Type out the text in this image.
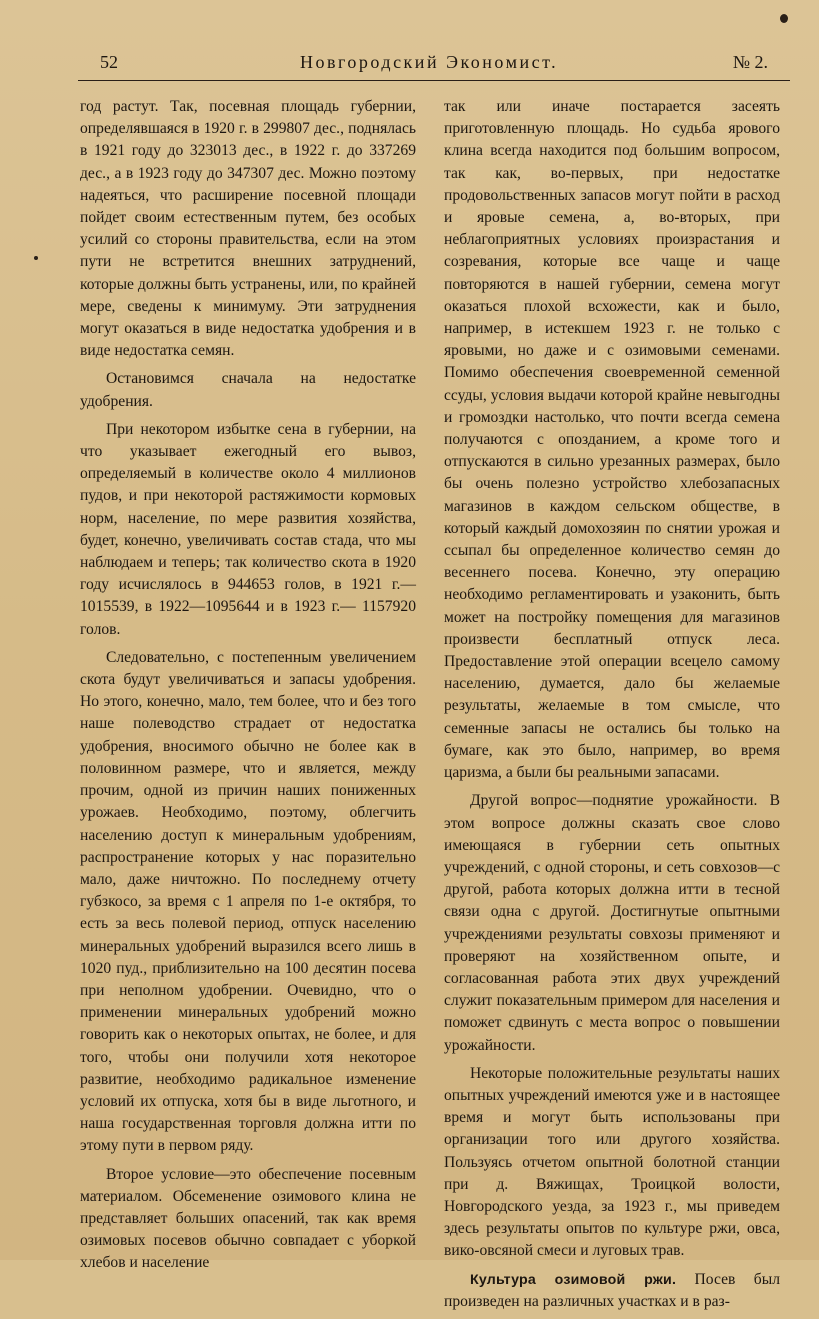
52	Новгородский Экономист.	№ 2.

год растут. Так, посевная площадь губернии, определявшаяся в 1920 г. в 299807 дес., поднялась в 1921 году до 323013 дес., в 1922 г. до 337269 дес., а в 1923 году до 347307 дес. Можно поэтому надеяться, что расширение посевной площади пойдет своим естественным путем, без особых усилий со стороны правительства, если на этом пути не встретится внешних затруднений, которые должны быть устранены, или, по крайней мере, сведены к минимуму. Эти затруднения могут оказаться в виде недостатка удобрения и в виде недостатка семян.

Остановимся сначала на недостатке удобрения.

При некотором избытке сена в губернии, на что указывает ежегодный его вывоз, определяемый в количестве около 4 миллионов пудов, и при некоторой растяжимости кормовых норм, население, по мере развития хозяйства, будет, конечно, увеличивать состав стада, что мы наблюдаем и теперь; так количество скота в 1920 году исчислялось в 944653 голов, в 1921 г.— 1015539, в 1922—1095644 и в 1923 г.— 1157920 голов.

Следовательно, с постепенным увеличением скота будут увеличиваться и запасы удобрения. Но этого, конечно, мало, тем более, что и без того наше полеводство страдает от недостатка удобрения, вносимого обычно не более как в половинном размере, что и является, между прочим, одной из причин наших пониженных урожаев. Необходимо, поэтому, облегчить населению доступ к минеральным удобрениям, распространение которых у нас поразительно мало, даже ничтожно. По последнему отчету губзкосо, за время с 1 апреля по 1-е октября, то есть за весь полевой период, отпуск населению минеральных удобрений выразился всего лишь в 1020 пуд., приблизительно на 100 десятин посева при неполном удобрении. Очевидно, что о применении минеральных удобрений можно говорить как о некоторых опытах, не более, и для того, чтобы они получили хотя некоторое развитие, необходимо радикальное изменение условий их отпуска, хотя бы в виде льготного, и наша государственная торговля должна итти по этому пути в первом ряду.

Второе условие—это обеспечение посевным материалом. Обсеменение озимового клина не представляет больших опасений, так как время озимовых посевов обычно совпадает с уборкой хлебов и население

так или иначе постарается засеять приготовленную площадь. Но судьба ярового клина всегда находится под большим вопросом, так как, во-первых, при недостатке продовольственных запасов могут пойти в расход и яровые семена, а, во-вторых, при неблагоприятных условиях произрастания и созревания, которые все чаще и чаще повторяются в нашей губернии, семена могут оказаться плохой всхожести, как и было, например, в истекшем 1923 г. не только с яровыми, но даже и с озимовыми семенами. Помимо обеспечения своевременной семенной ссуды, условия выдачи которой крайне невыгодны и громоздки настолько, что почти всегда семена получаются с опозданием, а кроме того и отпускаются в сильно урезанных размерах, было бы очень полезно устройство хлебозапасных магазинов в каждом сельском обществе, в который каждый домохозяин по снятии урожая и ссыпал бы определенное количество семян до весеннего посева. Конечно, эту операцию необходимо регламентировать и узаконить, быть может на постройку помещения для магазинов произвести бесплатный отпуск леса. Предоставление этой операции всецело самому населению, думается, дало бы желаемые результаты, желаемые в том смысле, что семенные запасы не остались бы только на бумаге, как это было, например, во время царизма, а были бы реальными запасами.

Другой вопрос—поднятие урожайности. В этом вопросе должны сказать свое слово имеющаяся в губернии сеть опытных учреждений, с одной стороны, и сеть совхозов—с другой, работа которых должна итти в тесной связи одна с другой. Достигнутые опытными учреждениями результаты совхозы применяют и проверяют на хозяйственном опыте, и согласованная работа этих двух учреждений служит показательным примером для населения и поможет сдвинуть с места вопрос о повышении урожайности.

Некоторые положительные результаты наших опытных учреждений имеются уже и в настоящее время и могут быть использованы при организации того или другого хозяйства. Пользуясь отчетом опытной болотной станции при д. Вяжищах, Троицкой волости, Новгородского уезда, за 1923 г., мы приведем здесь результаты опытов по культуре ржи, овса, вико-овсяной смеси и луговых трав.

Культура озимовой ржи. Посев был произведен на различных участках и в раз-
